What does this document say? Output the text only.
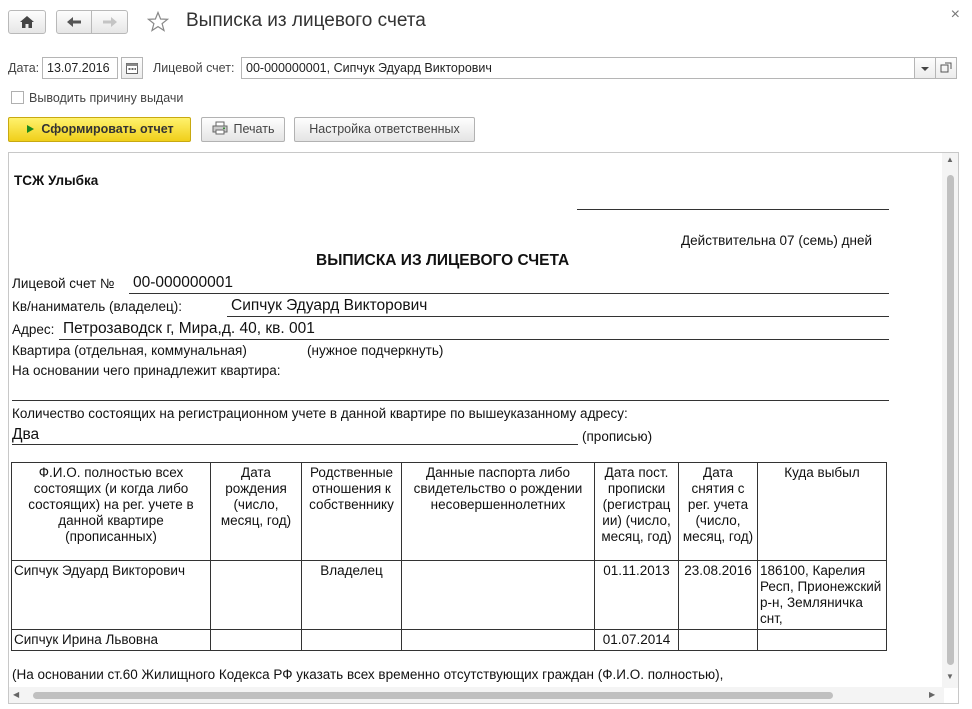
Выписка из лицевого счета	×
Дата: 13.07.2016	Лицевой счет: 00-000000001, Сипчук Эдуард Викторович
Выводить причину выдачи
Сформировать отчет	Печать	Настройка ответственных
ТСЖ Улыбка
Действительна 07 (семь) дней
ВЫПИСКА ИЗ ЛИЦЕВОГО СЧЕТА
Лицевой счет № 00-000000001
Кв/наниматель (владелец):	Сипчук Эдуард Викторович
Адрес: Петрозаводск г, Мира,д. 40, кв. 001
Квартира (отдельная, коммунальная)	(нужное подчеркнуть)
На основании чего принадлежит квартира:
Количество состоящих на регистрационном учете в данной квартире по вышеуказанному адресу:
Два	(прописью)
Ф.И.О. полностью всех состоящих (и когда либо состоящих) на рег. учете в данной квартире (прописанных)	Дата рождения (число, месяц, год)	Родственные отношения к собственнику	Данные паспорта либо свидетельство о рождении несовершеннолетних	Дата пост. прописки (регистрац ии) (число, месяц, год)	Дата снятия с рег. учета (число, месяц, год)	Куда выбыл
Сипчук Эдуард Викторович		Владелец		01.11.2013	23.08.2016	186100, Карелия Респ, Прионежский р-н, Земляничка снт,
Сипчук Ирина Львовна				01.07.2014		
(На основании ст.60 Жилищного Кодекса РФ указать всех временно отсутствующих граждан (Ф.И.О. полностью),
▲
▼
◀	▶
